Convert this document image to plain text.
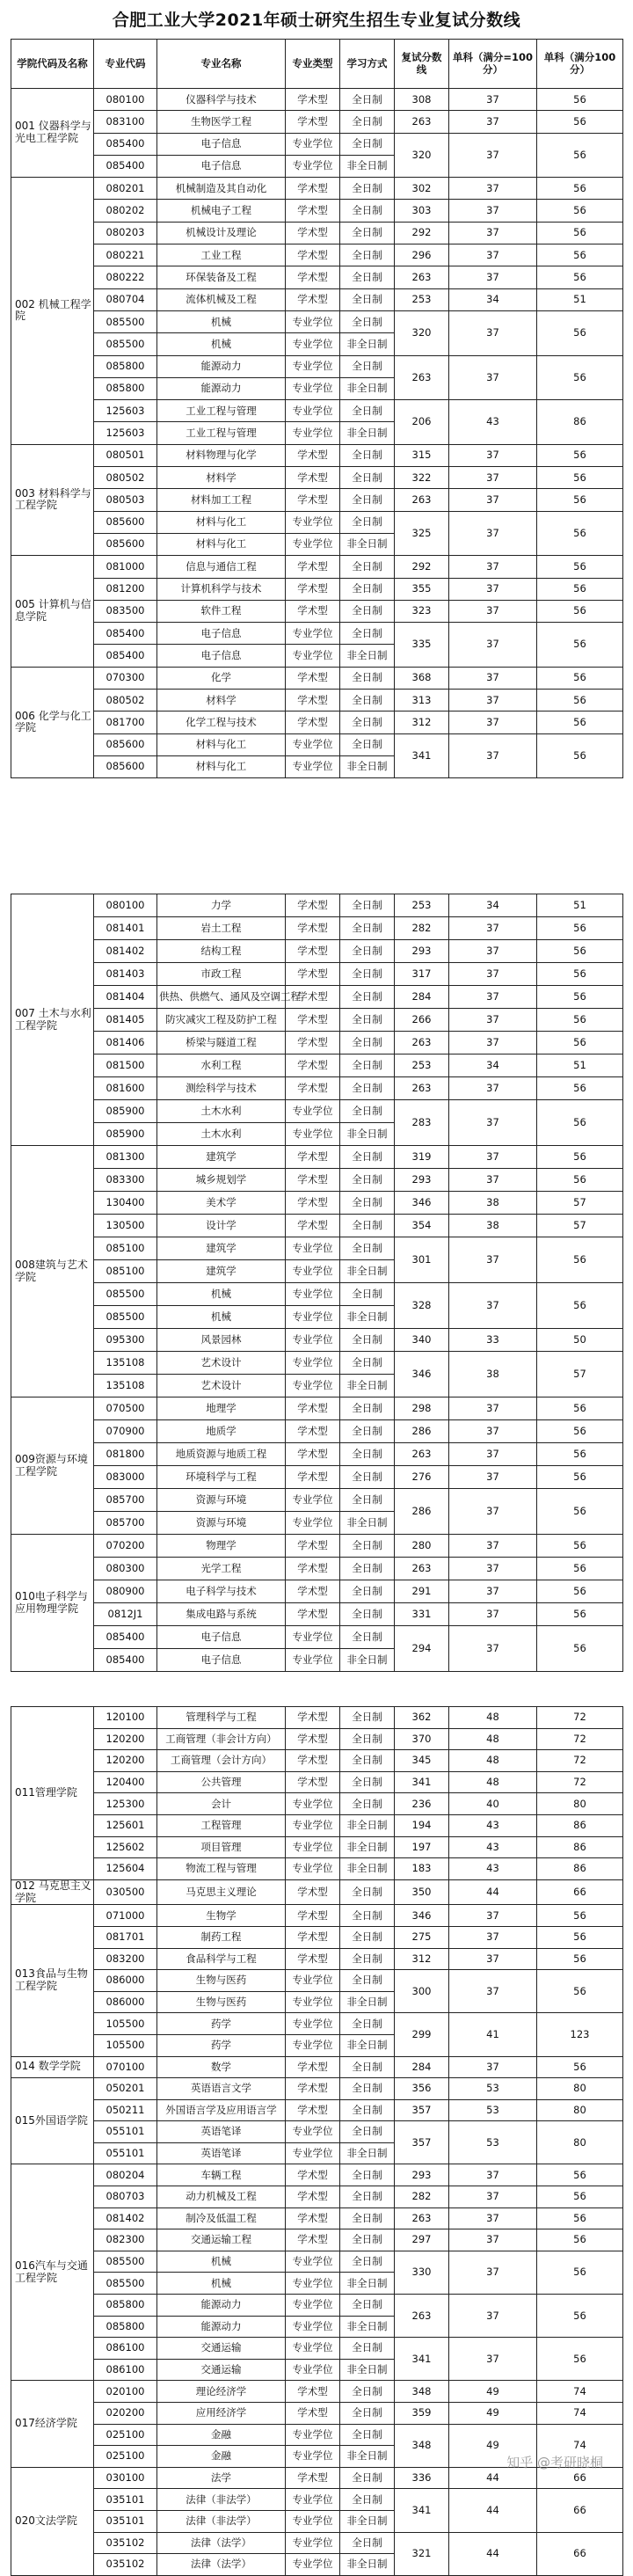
合肥工业大学2021年硕士研究生招生专业复试分数线
学院代码及名称	专业代码	专业名称	专业类型	学习方式	复试分数线	单科（满分=100分）	单科（满分100分）
001 仪器科学与光电工程学院	080100	仪器科学与技术	学术型	全日制	308	37	56
	083100	生物医学工程	学术型	全日制	263	37	56
	085400	电子信息	专业学位	全日制	320	37	56
	085400	电子信息	专业学位	非全日制			
002 机械工程学院	080201	机械制造及其自动化	学术型	全日制	302	37	56
	080202	机械电子工程	学术型	全日制	303	37	56
	080203	机械设计及理论	学术型	全日制	292	37	56
	080221	工业工程	学术型	全日制	296	37	56
	080222	环保装备及工程	学术型	全日制	263	37	56
	080704	流体机械及工程	学术型	全日制	253	34	51
	085500	机械	专业学位	全日制	320	37	56
	085500	机械	专业学位	非全日制			
	085800	能源动力	专业学位	全日制	263	37	56
	085800	能源动力	专业学位	非全日制			
	125603	工业工程与管理	专业学位	全日制	206	43	86
	125603	工业工程与管理	专业学位	非全日制			
003 材料科学与工程学院	080501	材料物理与化学	学术型	全日制	315	37	56
	080502	材料学	学术型	全日制	322	37	56
	080503	材料加工工程	学术型	全日制	263	37	56
	085600	材料与化工	专业学位	全日制	325	37	56
	085600	材料与化工	专业学位	非全日制			
005 计算机与信息学院	081000	信息与通信工程	学术型	全日制	292	37	56
	081200	计算机科学与技术	学术型	全日制	355	37	56
	083500	软件工程	学术型	全日制	323	37	56
	085400	电子信息	专业学位	全日制	335	37	56
	085400	电子信息	专业学位	非全日制			
006 化学与化工学院	070300	化学	学术型	全日制	368	37	56
	080502	材料学	学术型	全日制	313	37	56
	081700	化学工程与技术	学术型	全日制	312	37	56
	085600	材料与化工	专业学位	全日制	341	37	56
	085600	材料与化工	专业学位	非全日制			
007 土木与水利工程学院	080100	力学	学术型	全日制	253	34	51
	081401	岩土工程	学术型	全日制	282	37	56
	081402	结构工程	学术型	全日制	293	37	56
	081403	市政工程	学术型	全日制	317	37	56
	081404	供热、供燃气、通风及空调工程	学术型	全日制	284	37	56
	081405	防灾减灾工程及防护工程	学术型	全日制	266	37	56
	081406	桥梁与隧道工程	学术型	全日制	263	37	56
	081500	水利工程	学术型	全日制	253	34	51
	081600	测绘科学与技术	学术型	全日制	263	37	56
	085900	土木水利	专业学位	全日制	283	37	56
	085900	土木水利	专业学位	非全日制			
008建筑与艺术学院	081300	建筑学	学术型	全日制	319	37	56
	083300	城乡规划学	学术型	全日制	293	37	56
	130400	美术学	学术型	全日制	346	38	57
	130500	设计学	学术型	全日制	354	38	57
	085100	建筑学	专业学位	全日制	301	37	56
	085100	建筑学	专业学位	非全日制			
	085500	机械	专业学位	全日制	328	37	56
	085500	机械	专业学位	非全日制			
	095300	风景园林	专业学位	全日制	340	33	50
	135108	艺术设计	专业学位	全日制	346	38	57
	135108	艺术设计	专业学位	非全日制			
009资源与环境工程学院	070500	地理学	学术型	全日制	298	37	56
	070900	地质学	学术型	全日制	286	37	56
	081800	地质资源与地质工程	学术型	全日制	263	37	56
	083000	环境科学与工程	学术型	全日制	276	37	56
	085700	资源与环境	专业学位	全日制	286	37	56
	085700	资源与环境	专业学位	非全日制			
010电子科学与应用物理学院	070200	物理学	学术型	全日制	280	37	56
	080300	光学工程	学术型	全日制	263	37	56
	080900	电子科学与技术	学术型	全日制	291	37	56
	0812J1	集成电路与系统	学术型	全日制	331	37	56
	085400	电子信息	专业学位	全日制	294	37	56
	085400	电子信息	专业学位	非全日制			
011管理学院	120100	管理科学与工程	学术型	全日制	362	48	72
	120200	工商管理（非会计方向）	学术型	全日制	370	48	72
	120200	工商管理（会计方向）	学术型	全日制	345	48	72
	120400	公共管理	学术型	全日制	341	48	72
	125300	会计	专业学位	全日制	236	40	80
	125601	工程管理	专业学位	非全日制	194	43	86
	125602	项目管理	专业学位	非全日制	197	43	86
	125604	物流工程与管理	专业学位	非全日制	183	43	86
012 马克思主义学院	030500	马克思主义理论	学术型	全日制	350	44	66
013食品与生物工程学院	071000	生物学	学术型	全日制	346	37	56
	081701	制药工程	学术型	全日制	275	37	56
	083200	食品科学与工程	学术型	全日制	312	37	56
	086000	生物与医药	专业学位	全日制	300	37	56
	086000	生物与医药	专业学位	非全日制			
	105500	药学	专业学位	全日制	299	41	123
	105500	药学	专业学位	非全日制			
014 数学学院	070100	数学	学术型	全日制	284	37	56
015外国语学院	050201	英语语言文学	学术型	全日制	356	53	80
	050211	外国语言学及应用语言学	学术型	全日制	357	53	80
	055101	英语笔译	专业学位	全日制	357	53	80
	055101	英语笔译	专业学位	非全日制			
016汽车与交通工程学院	080204	车辆工程	学术型	全日制	293	37	56
	080703	动力机械及工程	学术型	全日制	282	37	56
	081402	制冷及低温工程	学术型	全日制	263	37	56
	082300	交通运输工程	学术型	全日制	297	37	56
	085500	机械	专业学位	全日制	330	37	56
	085500	机械	专业学位	非全日制			
	085800	能源动力	专业学位	全日制	263	37	56
	085800	能源动力	专业学位	非全日制			
	086100	交通运输	专业学位	全日制	341	37	56
	086100	交通运输	专业学位	非全日制			
017经济学院	020100	理论经济学	学术型	全日制	348	49	74
	020200	应用经济学	学术型	全日制	359	49	74
	025100	金融	专业学位	全日制	348	49	74
	025100	金融	专业学位	非全日制			
020文法学院	030100	法学	学术型	全日制	336	44	66
	035101	法律（非法学）	专业学位	全日制	341	44	66
	035101	法律（非法学）	专业学位	非全日制			
	035102	法律（法学）	专业学位	全日制	321	44	66
	035102	法律（法学）	专业学位	非全日制			
知乎 @考研晓桐
